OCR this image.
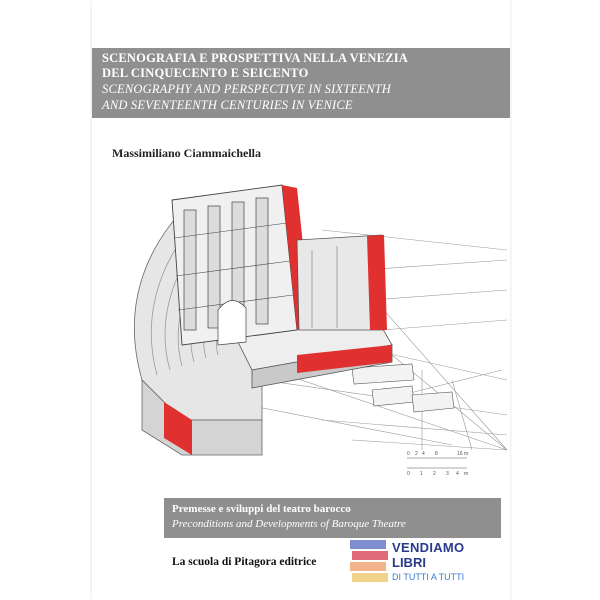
SCENOGRAFIA E PROSPETTIVA NELLA VENEZIA
DEL CINQUECENTO E SEICENTO
SCENOGRAPHY AND PERSPECTIVE IN SIXTEENTH
AND SEVENTEENTH CENTURIES IN VENICE
Massimiliano Ciammaichella
0 2 4 8	16 m
0 1 2 3 4 m
Premesse e sviluppi del teatro barocco
Preconditions and Developments of Baroque Theatre
La scuola di Pitagora editrice
VENDIAMO
LIBRI
DI TUTTI A TUTTI
